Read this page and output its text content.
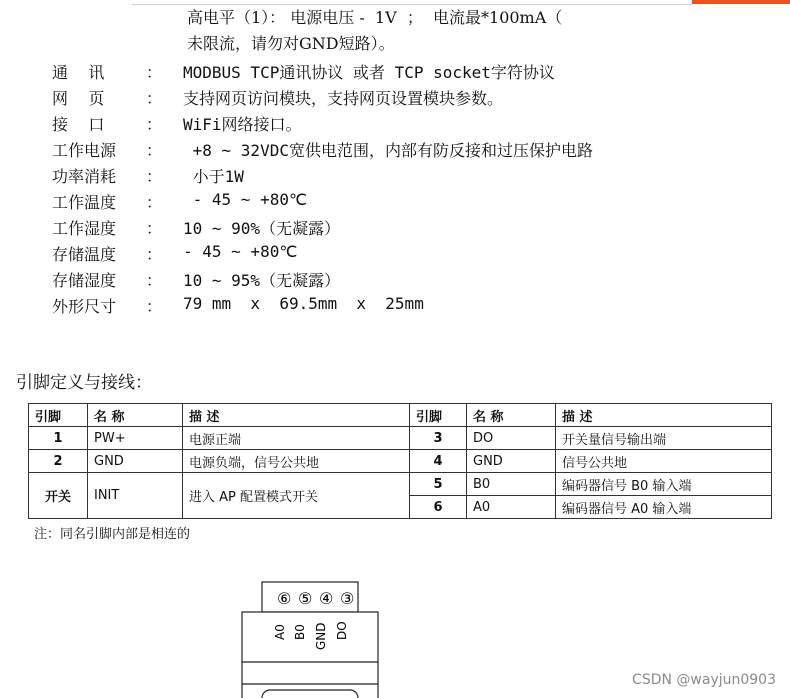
高电平（1）： 电源电压 -  1V  ；  电流最*100mA（
未限流，请勿对GND短路）。
通    讯	： MODBUS TCP通讯协议 或者 TCP socket字符协议
网    页	： 支持网页访问模块，支持网页设置模块参数。
接    口	： WiFi网络接口。
工作电源 ： +8 ~ 32VDC宽供电范围，内部有防反接和过压保护电路
功率消耗 ： 小于1W
工作温度 ： - 45 ~ +80℃
工作湿度 ： 10 ~ 90%（无凝露）
存储温度 ： - 45 ~ +80℃
存储湿度 ： 10 ~ 95%（无凝露）
外形尺寸 ： 79 mm  x  69.5mm  x  25mm
引脚定义与接线：
引脚	名 称	描 述	引脚	名 称	描 述
1	PW+	电源正端	3	DO	开关量信号输出端
2	GND	电源负端，信号公共地	4	GND	信号公共地
开关	INIT	进入 AP 配置模式开关	5	B0	编码器信号 B0 输入端
			6	A0	编码器信号 A0 输入端
注：同名引脚内部是相连的
⑥ ⑤ ④ ③
A0 B0 GND DO
CSDN @wayjun0903
